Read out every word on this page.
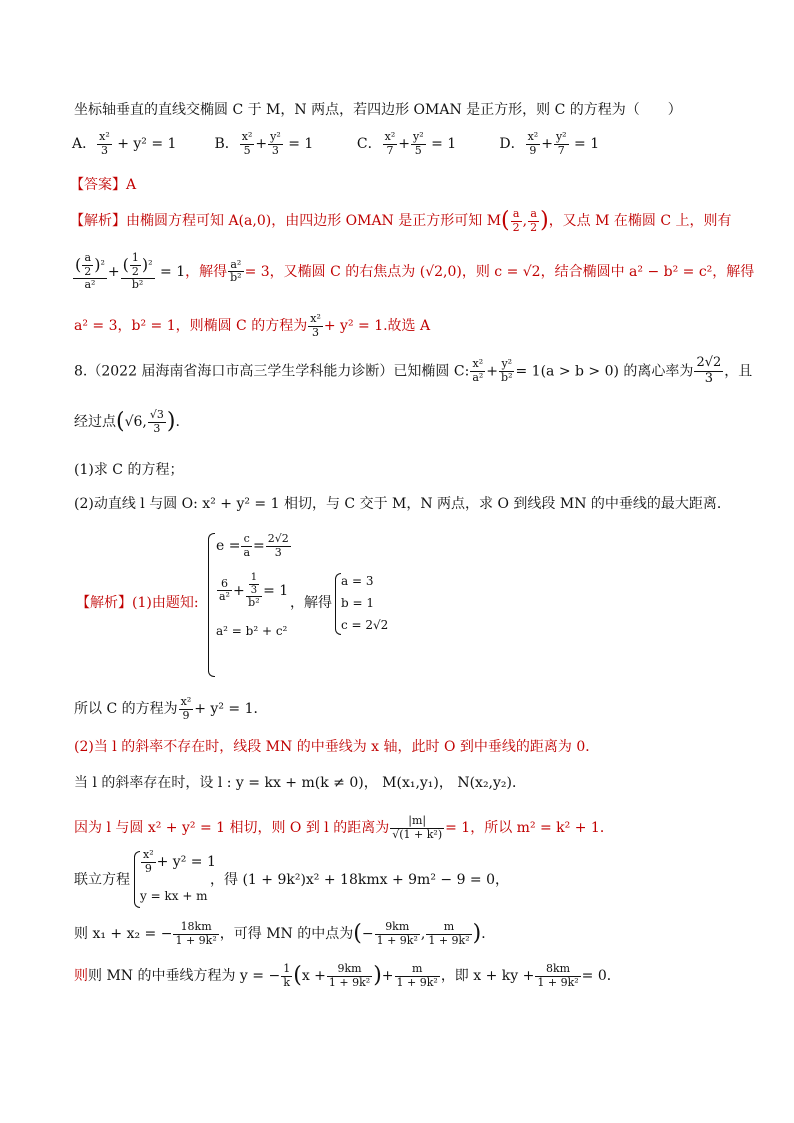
坐标轴垂直的直线交椭圆 C 于 M，N 两点，若四边形 OMAN 是正方形，则 C 的方程为（　　）
A． $\frac{\text{x²}}{3} + y^2 = 1$	B． $\frac{\text{x²}}{5} + \frac{\text{y²}}{3} = 1$	C． $\frac{\text{x²}}{7} + \frac{\text{y²}}{5} = 1$	D． $\frac{\text{x²}}{9} + \frac{\text{y²}}{7} = 1$
【答案】A
【解析】由椭圆方程可知 A(a,0)，由四边形 OMAN 是正方形可知 $M( \frac{a}{2}$ , $\frac{a}{2}$ )，又点 M 在椭圆 C 上，则有
$\frac{( \frac{a}{2} )^2}{\text{a²}} + \frac{( \frac{1}{2} )^2}{\text{b²}} = 1$，解得 $\frac{\text{a²}}{\text{b²}} = 3$，又椭圆 C 的右焦点为 (√2,0)，则 c = √2，结合椭圆中 a² − b² = c²，解得
a² = 3，b² = 1，则椭圆 C 的方程为 $\frac{\text{x²}}{3} + y^2 = 1$.故选 A
8.（2022 届海南省海口市高三学生学科能力诊断）已知椭圆 C: $\frac{\text{x²}}{\text{a²}} + \frac{\text{y²}}{\text{b²}} = 1(a > b > 0)$ 的离心率为 $\frac{2√2}{3}$ ，且
经过点(√6, $\frac{√3}{3}$ ).
(1)求 C 的方程；
(2)动直线 l 与圆 O: x² + y² = 1 相切，与 C 交于 M，N 两点，求 O 到线段 MN 的中垂线的最大距离．
【解析】(1)由题知:
$e = \frac{c}{a} = \frac{2√2}{3}$
$\frac{6}{\text{a²}} + \frac{\frac{1}{3}}{\text{b²}} = 1$
a² = b² + c²
，解得
a = 3
b = 1
c = 2√2
所以 C 的方程为 $\frac{\text{x²}}{9} + y^2 = 1$．
(2)当 l 的斜率不存在时，线段 MN 的中垂线为 x 轴，此时 O 到中垂线的距离为 0．
当 l 的斜率存在时，设 l : y = kx + m(k ≠ 0)， M(x₁,y₁)， N(x₂,y₂)．
因为 l 与圆 x² + y² = 1 相切，则 O 到 l 的距离为 $\frac{|m|}{\text{√(1 + k²)}} = 1$，所以 m² = k² + 1．
联立方程
$\frac{\text{x²}}{9} + y^2 = 1$
y = kx + m
，得 (1 + 9k²)x² + 18kmx + 9m² − 9 = 0，
则 x₁ + x₂ = − $\frac{18km}{\text{1 + 9k²}}$ ，可得 MN 的中点为(− $\frac{9km}{\text{1 + 9k²}}$ , $\frac{m}{\text{1 + 9k²}}$ )．
则则 MN 的中垂线方程为 y = − $\frac{1}{k} (x + \frac{9km}{\text{1 + 9k²}}$ )+ $\frac{m}{\text{1 + 9k²}}$ ，即 x + ky + $\frac{8km}{\text{1 + 9k²}} = 0$．
